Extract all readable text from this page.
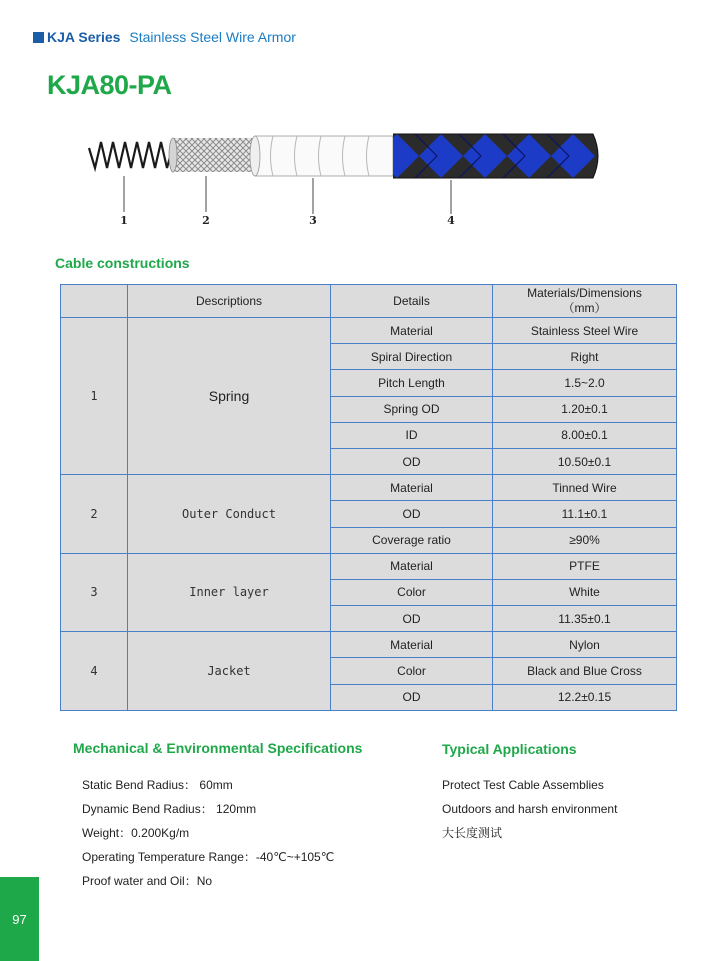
KJA Series Stainless Steel Wire Armor
KJA80-PA
1	2	3	4
Cable constructions
	Descriptions	Details	Materials/Dimensions
（mm）

1	Spring	Material	Stainless Steel Wire
		Spiral Direction	Right
		Pitch Length	1.5~2.0
		Spring OD	1.20±0.1
		ID	8.00±0.1
		OD	10.50±0.1
2	Outer Conduct	Material	Tinned Wire
		OD	11.1±0.1
		Coverage ratio	≥90%
3	Inner layer	Material	PTFE
		Color	White
		OD	11.35±0.1
4	Jacket	Material	Nylon
		Color	Black and Blue Cross
		OD	12.2±0.15
Mechanical & Environmental Specifications
Static Bend Radius： 60mm
Dynamic Bend Radius： 120mm
Weight：0.200Kg/m
Operating Temperature Range：-40℃~+105℃
Proof water and Oil：No
Typical Applications
Protect Test Cable Assemblies
Outdoors and harsh environment
大长度测试
97
